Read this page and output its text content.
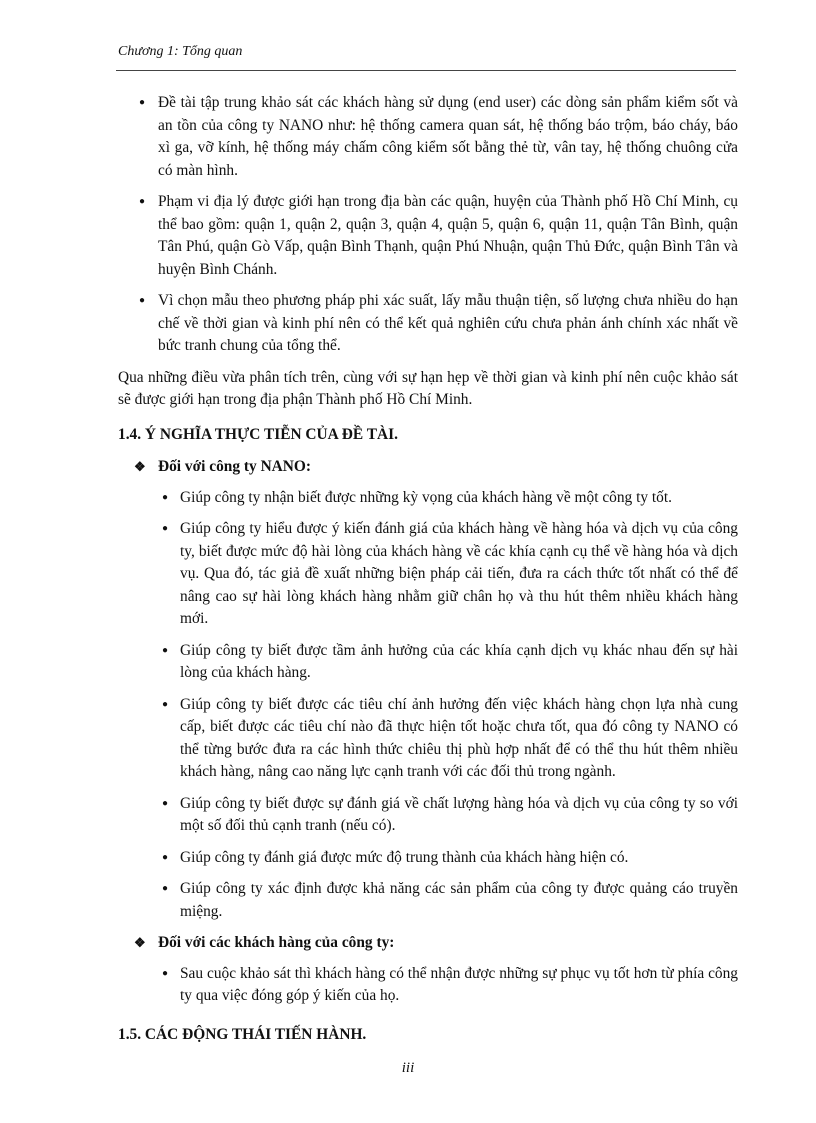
Chương 1: Tổng quan
● Đề tài tập trung khảo sát các khách hàng sử dụng (end user) các dòng sản phẩm kiểm sốt và an tồn của công ty NANO như: hệ thống camera quan sát, hệ thống báo trộm, báo cháy, báo xì ga, vỡ kính, hệ thống máy chấm công kiểm sốt bằng thẻ từ, vân tay, hệ thống chuông cửa có màn hình.
● Phạm vi địa lý được giới hạn trong địa bàn các quận, huyện của Thành phố Hồ Chí Minh, cụ thể bao gồm: quận 1, quận 2, quận 3, quận 4, quận 5, quận 6, quận 11, quận Tân Bình, quận Tân Phú, quận Gò Vấp, quận Bình Thạnh, quận Phú Nhuận, quận Thủ Đức, quận Bình Tân và huyện Bình Chánh.
● Vì chọn mẫu theo phương pháp phi xác suất, lấy mẫu thuận tiện, số lượng chưa nhiều do hạn chế về thời gian và kinh phí nên có thể kết quả nghiên cứu chưa phản ánh chính xác nhất về bức tranh chung của tổng thể.

Qua những điều vừa phân tích trên, cùng với sự hạn hẹp về thời gian và kinh phí nên cuộc khảo sát sẽ được giới hạn trong địa phận Thành phố Hồ Chí Minh.

1.4. Ý NGHĨA THỰC TIỄN CỦA ĐỀ TÀI.
❖ Đối với công ty NANO:
● Giúp công ty nhận biết được những kỳ vọng của khách hàng về một công ty tốt.
● Giúp công ty hiểu được ý kiến đánh giá của khách hàng về hàng hóa và dịch vụ của công ty, biết được mức độ hài lòng của khách hàng về các khía cạnh cụ thể về hàng hóa và dịch vụ. Qua đó, tác giả đề xuất những biện pháp cải tiến, đưa ra cách thức tốt nhất có thể để nâng cao sự hài lòng khách hàng nhằm giữ chân họ và thu hút thêm nhiều khách hàng mới.
● Giúp công ty biết được tầm ảnh hưởng của các khía cạnh dịch vụ khác nhau đến sự hài lòng của khách hàng.
● Giúp công ty biết được các tiêu chí ảnh hưởng đến việc khách hàng chọn lựa nhà cung cấp, biết được các tiêu chí nào đã thực hiện tốt hoặc chưa tốt, qua đó công ty NANO có thể từng bước đưa ra các hình thức chiêu thị phù hợp nhất để có thể thu hút thêm nhiều khách hàng, nâng cao năng lực cạnh tranh với các đối thủ trong ngành.
● Giúp công ty biết được sự đánh giá về chất lượng hàng hóa và dịch vụ của công ty so với một số đối thủ cạnh tranh (nếu có).
● Giúp công ty đánh giá được mức độ trung thành của khách hàng hiện có.
● Giúp công ty xác định được khả năng các sản phẩm của công ty được quảng cáo truyền miệng.
❖ Đối với các khách hàng của công ty:
● Sau cuộc khảo sát thì khách hàng có thể nhận được những sự phục vụ tốt hơn từ phía công ty qua việc đóng góp ý kiến của họ.
1.5. CÁC ĐỘNG THÁI TIẾN HÀNH.
iii
